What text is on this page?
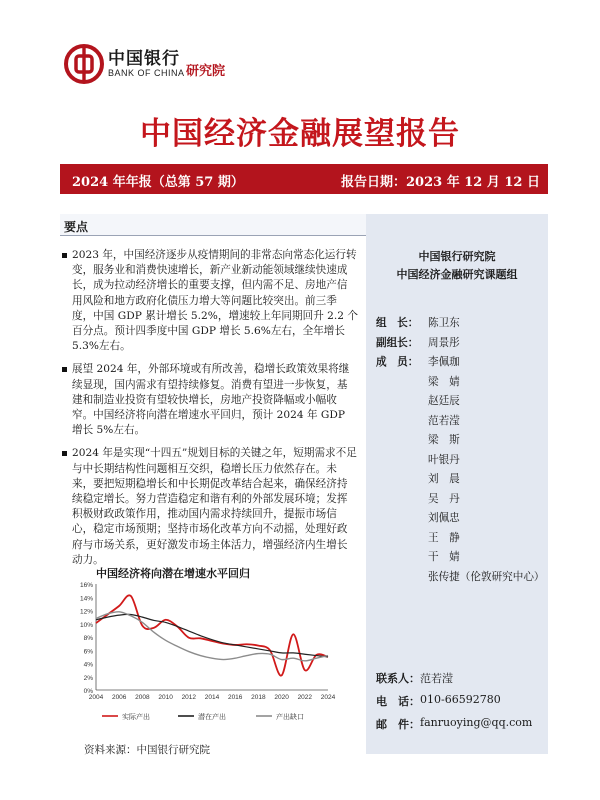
中国银行
BANK OF CHINA 研究院
中国经济金融展望报告
2024 年年报（总第 57 期）	报告日期：2023 年 12 月 12 日
要点
2023 年，中国经济逐步从疫情期间的非常态向常态化运行转变，服务业和消费快速增长，新产业新动能领域继续快速成长，成为拉动经济增长的重要支撑，但内需不足、房地产信用风险和地方政府化债压力增大等问题比较突出。前三季度，中国 GDP 累计增长 5.2%，增速较上年同期回升 2.2 个百分点。预计四季度中国 GDP 增长 5.6%左右，全年增长 5.3%左右。
展望 2024 年，外部环境或有所改善，稳增长政策效果将继续显现，国内需求有望持续修复。消费有望进一步恢复，基建和制造业投资有望较快增长，房地产投资降幅或小幅收窄。中国经济将向潜在增速水平回归，预计 2024 年 GDP 增长 5%左右。
2024 年是实现“十四五”规划目标的关键之年，短期需求不足与中长期结构性问题相互交织，稳增长压力依然存在。未来，要把短期稳增长和中长期促改革结合起来，确保经济持续稳定增长。努力营造稳定和谐有利的外部发展环境；发挥积极财政政策作用，推动国内需求持续回升，提振市场信心，稳定市场预期；坚持市场化改革方向不动摇，处理好政府与市场关系，更好激发市场主体活力，增强经济内生增长动力。
中国银行研究院
中国经济金融研究课题组
组　长： 陈卫东
副组长： 周景彤
成　员： 李佩珈
梁　婧
赵廷辰
范若滢
梁　斯
叶银丹
刘　晨
吴　丹
刘佩忠
王　静
干　婧
张传捷（伦敦研究中心）
联系人： 范若滢
电　话： 010-66592780
邮　件： fanruoying@qq.com
中国经济将向潜在增速水平回归
0%
2%
4%
6%
8%
10%
12%
14%
16%
2004 2006 2008 2010 2012 2014 2016 2018 2020 2022 2024
实际产出	潜在产出	产出缺口
资料来源：中国银行研究院
